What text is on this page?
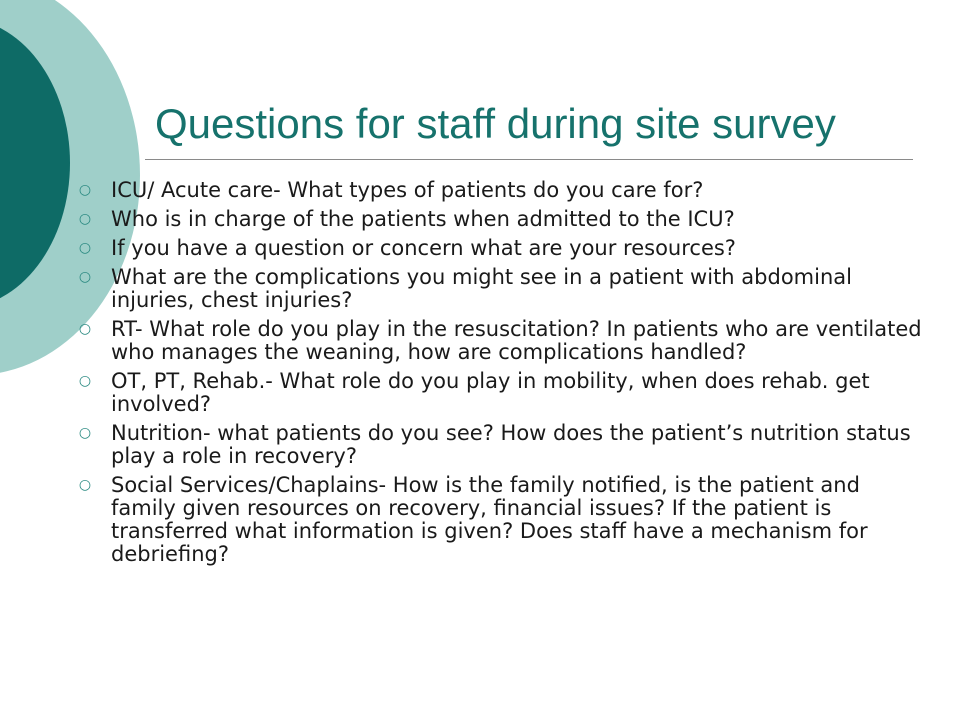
Questions for staff during site survey
○ ICU/ Acute care- What types of patients do you care for?
○ Who is in charge of the patients when admitted to the ICU?
○ If you have a question or concern what are your resources?
○ What are the complications you might see in a patient with abdominal injuries, chest injuries?
○ RT- What role do you play in the resuscitation? In patients who are ventilated who manages the weaning, how are complications handled?
○ OT, PT, Rehab.- What role do you play in mobility, when does rehab. get involved?
○ Nutrition- what patients do you see? How does the patient’s nutrition status play a role in recovery?
○ Social Services/Chaplains- How is the family notified, is the patient and family given resources on recovery, financial issues? If the patient is transferred what information is given? Does staff have a mechanism for debriefing?
